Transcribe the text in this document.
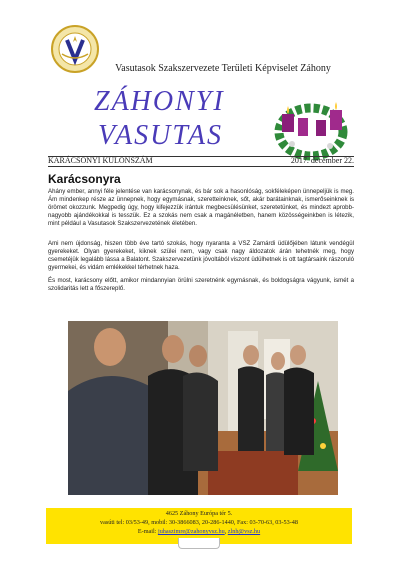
Vasutasok Szakszervezete Területi Képviselet Záhony
ZÁHONYI
VASUTAS
KARÁCSONYI KÜLÖNSZÁM	2017. december 22.
Karácsonyra
Ahány ember, annyi féle jelentése van karácsonynak, és bár sok a hasonlóság, sokféleképen ünnepeljük is meg. Ám mindenkep része az ünnepnek, hogy egymásnak, szeretteinknek, sőt, akár barátainknak, ismerőseinknek is örömet okozzunk. Megpedig úgy, hogy kifejezzük irántuk megbecsülésünket, szeretetünket, és mindezt aprobb-nagyobb ajándékokkal is tesszük. Ez a szokás nem csak a magánéletben, hanem közösségeinkben is létezik, mint például a Vasutasok Szakszervezetének életében.
Ami nem újdonság, hiszen több éve tartó szokás, hogy nyaranta a VSZ Zamárdi üdülőjében látunk vendégül gyerekeket. Olyan gyerekeket, kiknek szülei nem, vagy csak nagy áldozatok árán tehetnék meg, hogy csemetéjük legalább lássa a Balatont. Szakszervezetünk jóvoltából viszont üdülhetnek is ott tagtársaink rászoruló gyermekei, és vidám emlékekkel térhetnek haza.
És most, karácsony előtt, amikor mindannyian örülni szeretnénk egymásnak, és boldogságra vágyunk, ismét a szolidaritás lett a főszereplő.
4625 Záhony Európa tér 5.
vasúti tel: 03/53-49, mobil: 30-3866083, 20-286-1440, Fax: 03-70-63, 03-53-48
E-mail: juhaszimre@zahonyvsz.hu, zlnh@vsz.hu
